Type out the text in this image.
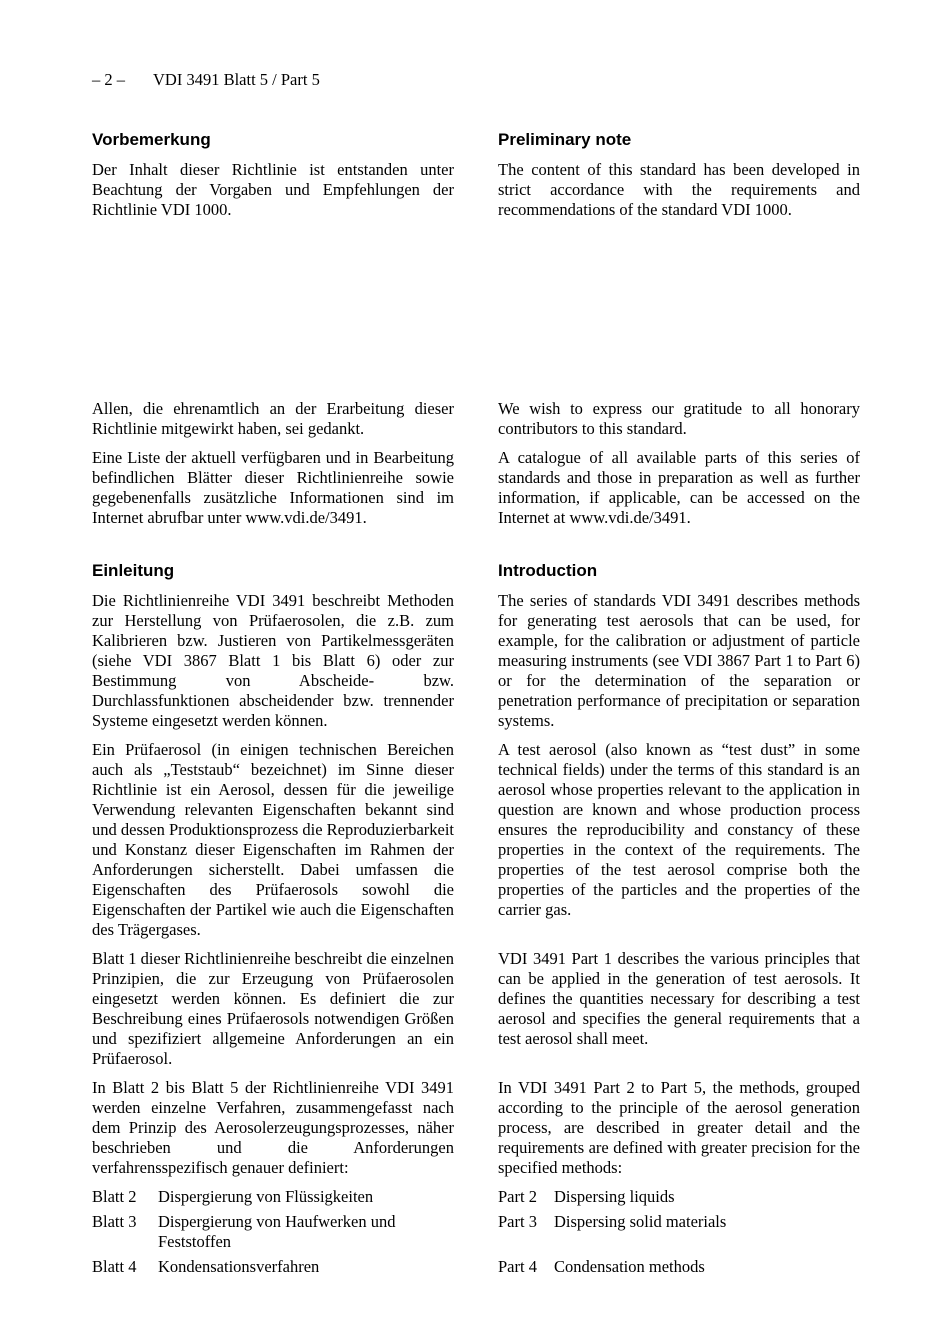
– 2 – VDI 3491 Blatt 5 / Part 5
Vorbemerkung	Preliminary note

Der Inhalt dieser Richtlinie ist entstanden unter Beachtung der Vorgaben und Empfehlungen der Richtlinie VDI 1000.

The content of this standard has been developed in strict accordance with the requirements and recommendations of the standard VDI 1000.

Allen, die ehrenamtlich an der Erarbeitung dieser Richtlinie mitgewirkt haben, sei gedankt.

We wish to express our gratitude to all honorary contributors to this standard.

Eine Liste der aktuell verfügbaren und in Bearbeitung befindlichen Blätter dieser Richtlinienreihe sowie gegebenenfalls zusätzliche Informationen sind im Internet abrufbar unter www.vdi.de/3491.

A catalogue of all available parts of this series of standards and those in preparation as well as further information, if applicable, can be accessed on the Internet at www.vdi.de/3491.

Einleitung	Introduction

Die Richtlinienreihe VDI 3491 beschreibt Methoden zur Herstellung von Prüfaerosolen, die z.B. zum Kalibrieren bzw. Justieren von Partikelmessgeräten (siehe VDI 3867 Blatt 1 bis Blatt 6) oder zur Bestimmung von Abscheide- bzw. Durchlassfunktionen abscheidender bzw. trennender Systeme eingesetzt werden können.

The series of standards VDI 3491 describes methods for generating test aerosols that can be used, for example, for the calibration or adjustment of particle measuring instruments (see VDI 3867 Part 1 to Part 6) or for the determination of the separation or penetration performance of precipitation or separation systems.

Ein Prüfaerosol (in einigen technischen Bereichen auch als „Teststaub“ bezeichnet) im Sinne dieser Richtlinie ist ein Aerosol, dessen für die jeweilige Verwendung relevanten Eigenschaften bekannt sind und dessen Produktionsprozess die Reproduzierbarkeit und Konstanz dieser Eigenschaften im Rahmen der Anforderungen sicherstellt. Dabei umfassen die Eigenschaften des Prüfaerosols sowohl die Eigenschaften der Partikel wie auch die Eigenschaften des Trägergases.

A test aerosol (also known as “test dust” in some technical fields) under the terms of this standard is an aerosol whose properties relevant to the application in question are known and whose production process ensures the reproducibility and constancy of these properties in the context of the requirements. The properties of the test aerosol comprise both the properties of the particles and the properties of the carrier gas.

Blatt 1 dieser Richtlinienreihe beschreibt die einzelnen Prinzipien, die zur Erzeugung von Prüfaerosolen eingesetzt werden können. Es definiert die zur Beschreibung eines Prüfaerosols notwendigen Größen und spezifiziert allgemeine Anforderungen an ein Prüfaerosol.

VDI 3491 Part 1 describes the various principles that can be applied in the generation of test aerosols. It defines the quantities necessary for describing a test aerosol and specifies the general requirements that a test aerosol shall meet.

In Blatt 2 bis Blatt 5 der Richtlinienreihe VDI 3491 werden einzelne Verfahren, zusammengefasst nach dem Prinzip des Aerosolerzeugungsprozesses, näher beschrieben und die Anforderungen verfahrensspezifisch genauer definiert:

In VDI 3491 Part 2 to Part 5, the methods, grouped according to the principle of the aerosol generation process, are described in greater detail and the requirements are defined with greater precision for the specified methods:

Blatt 2	Dispergierung von Flüssigkeiten	Part 2	Dispersing liquids
Blatt 3	Dispergierung von Haufwerken und Feststoffen
Part 3	Dispersing solid materials
Blatt 4	Kondensationsverfahren	Part 4	Condensation methods
